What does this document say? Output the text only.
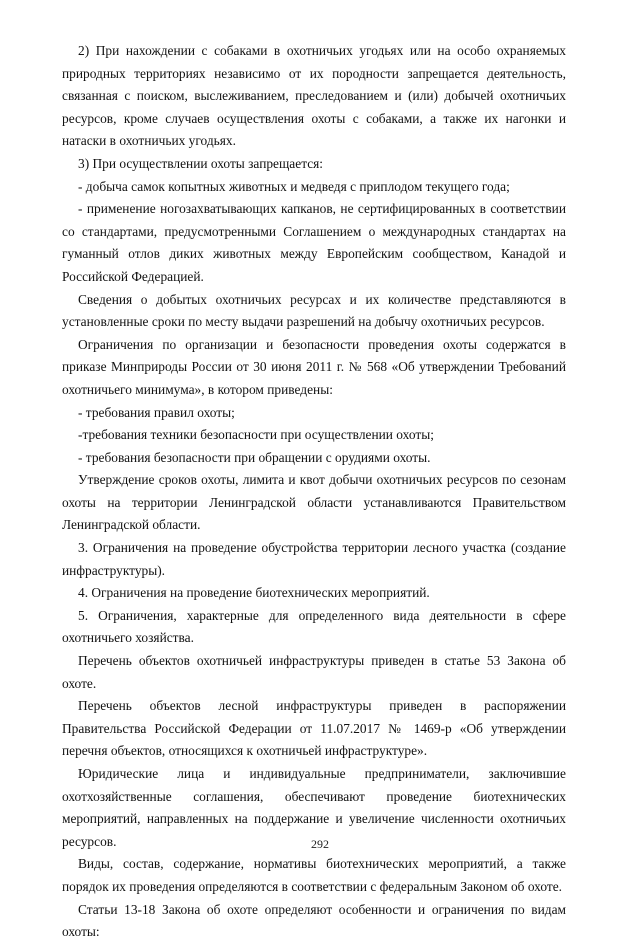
2) При нахождении с собаками в охотничьих угодьях или на особо охраняемых природных территориях независимо от их породности запрещается деятельность, связанная с поиском, выслеживанием, преследованием и (или) добычей охотничьих ресурсов, кроме случаев осуществления охоты с собаками, а также их нагонки и натаски в охотничьих угодьях.

3) При осуществлении охоты запрещается:

- добыча самок копытных животных и медведя с приплодом текущего года;

- применение ногозахватывающих капканов, не сертифицированных в соответствии со стандартами, предусмотренными Соглашением о международных стандартах на гуманный отлов диких животных между Европейским сообществом, Канадой и Российской Федерацией.

Сведения о добытых охотничьих ресурсах и их количестве представляются в установленные сроки по месту выдачи разрешений на добычу охотничьих ресурсов.

Ограничения по организации и безопасности проведения охоты содержатся в приказе Минприроды России от 30 июня 2011 г. № 568 «Об утверждении Требований охотничьего минимума», в котором приведены:

- требования правил охоты;

-требования техники безопасности при осуществлении охоты;

- требования безопасности при обращении с орудиями охоты.

Утверждение сроков охоты, лимита и квот добычи охотничьих ресурсов по сезонам охоты на территории Ленинградской области устанавливаются Правительством Ленинградской области.

3. Ограничения на проведение обустройства территории лесного участка (создание инфраструктуры).

4. Ограничения на проведение биотехнических мероприятий.

5. Ограничения, характерные для определенного вида деятельности в сфере охотничьего хозяйства.

Перечень объектов охотничьей инфраструктуры приведен в статье 53 Закона об охоте.

Перечень объектов лесной инфраструктуры приведен в распоряжении Правительства Российской Федерации от 11.07.2017 № 1469-р «Об утверждении перечня объектов, относящихся к охотничьей инфраструктуре».

Юридические лица и индивидуальные предприниматели, заключившие охотхозяйственные соглашения, обеспечивают проведение биотехнических мероприятий, направленных на поддержание и увеличение численности охотничьих ресурсов.

Виды, состав, содержание, нормативы биотехнических мероприятий, а также порядок их проведения определяются в соответствии с федеральным Законом об охоте.

Статьи 13-18 Закона об охоте определяют особенности и ограничения по видам охоты:

292
